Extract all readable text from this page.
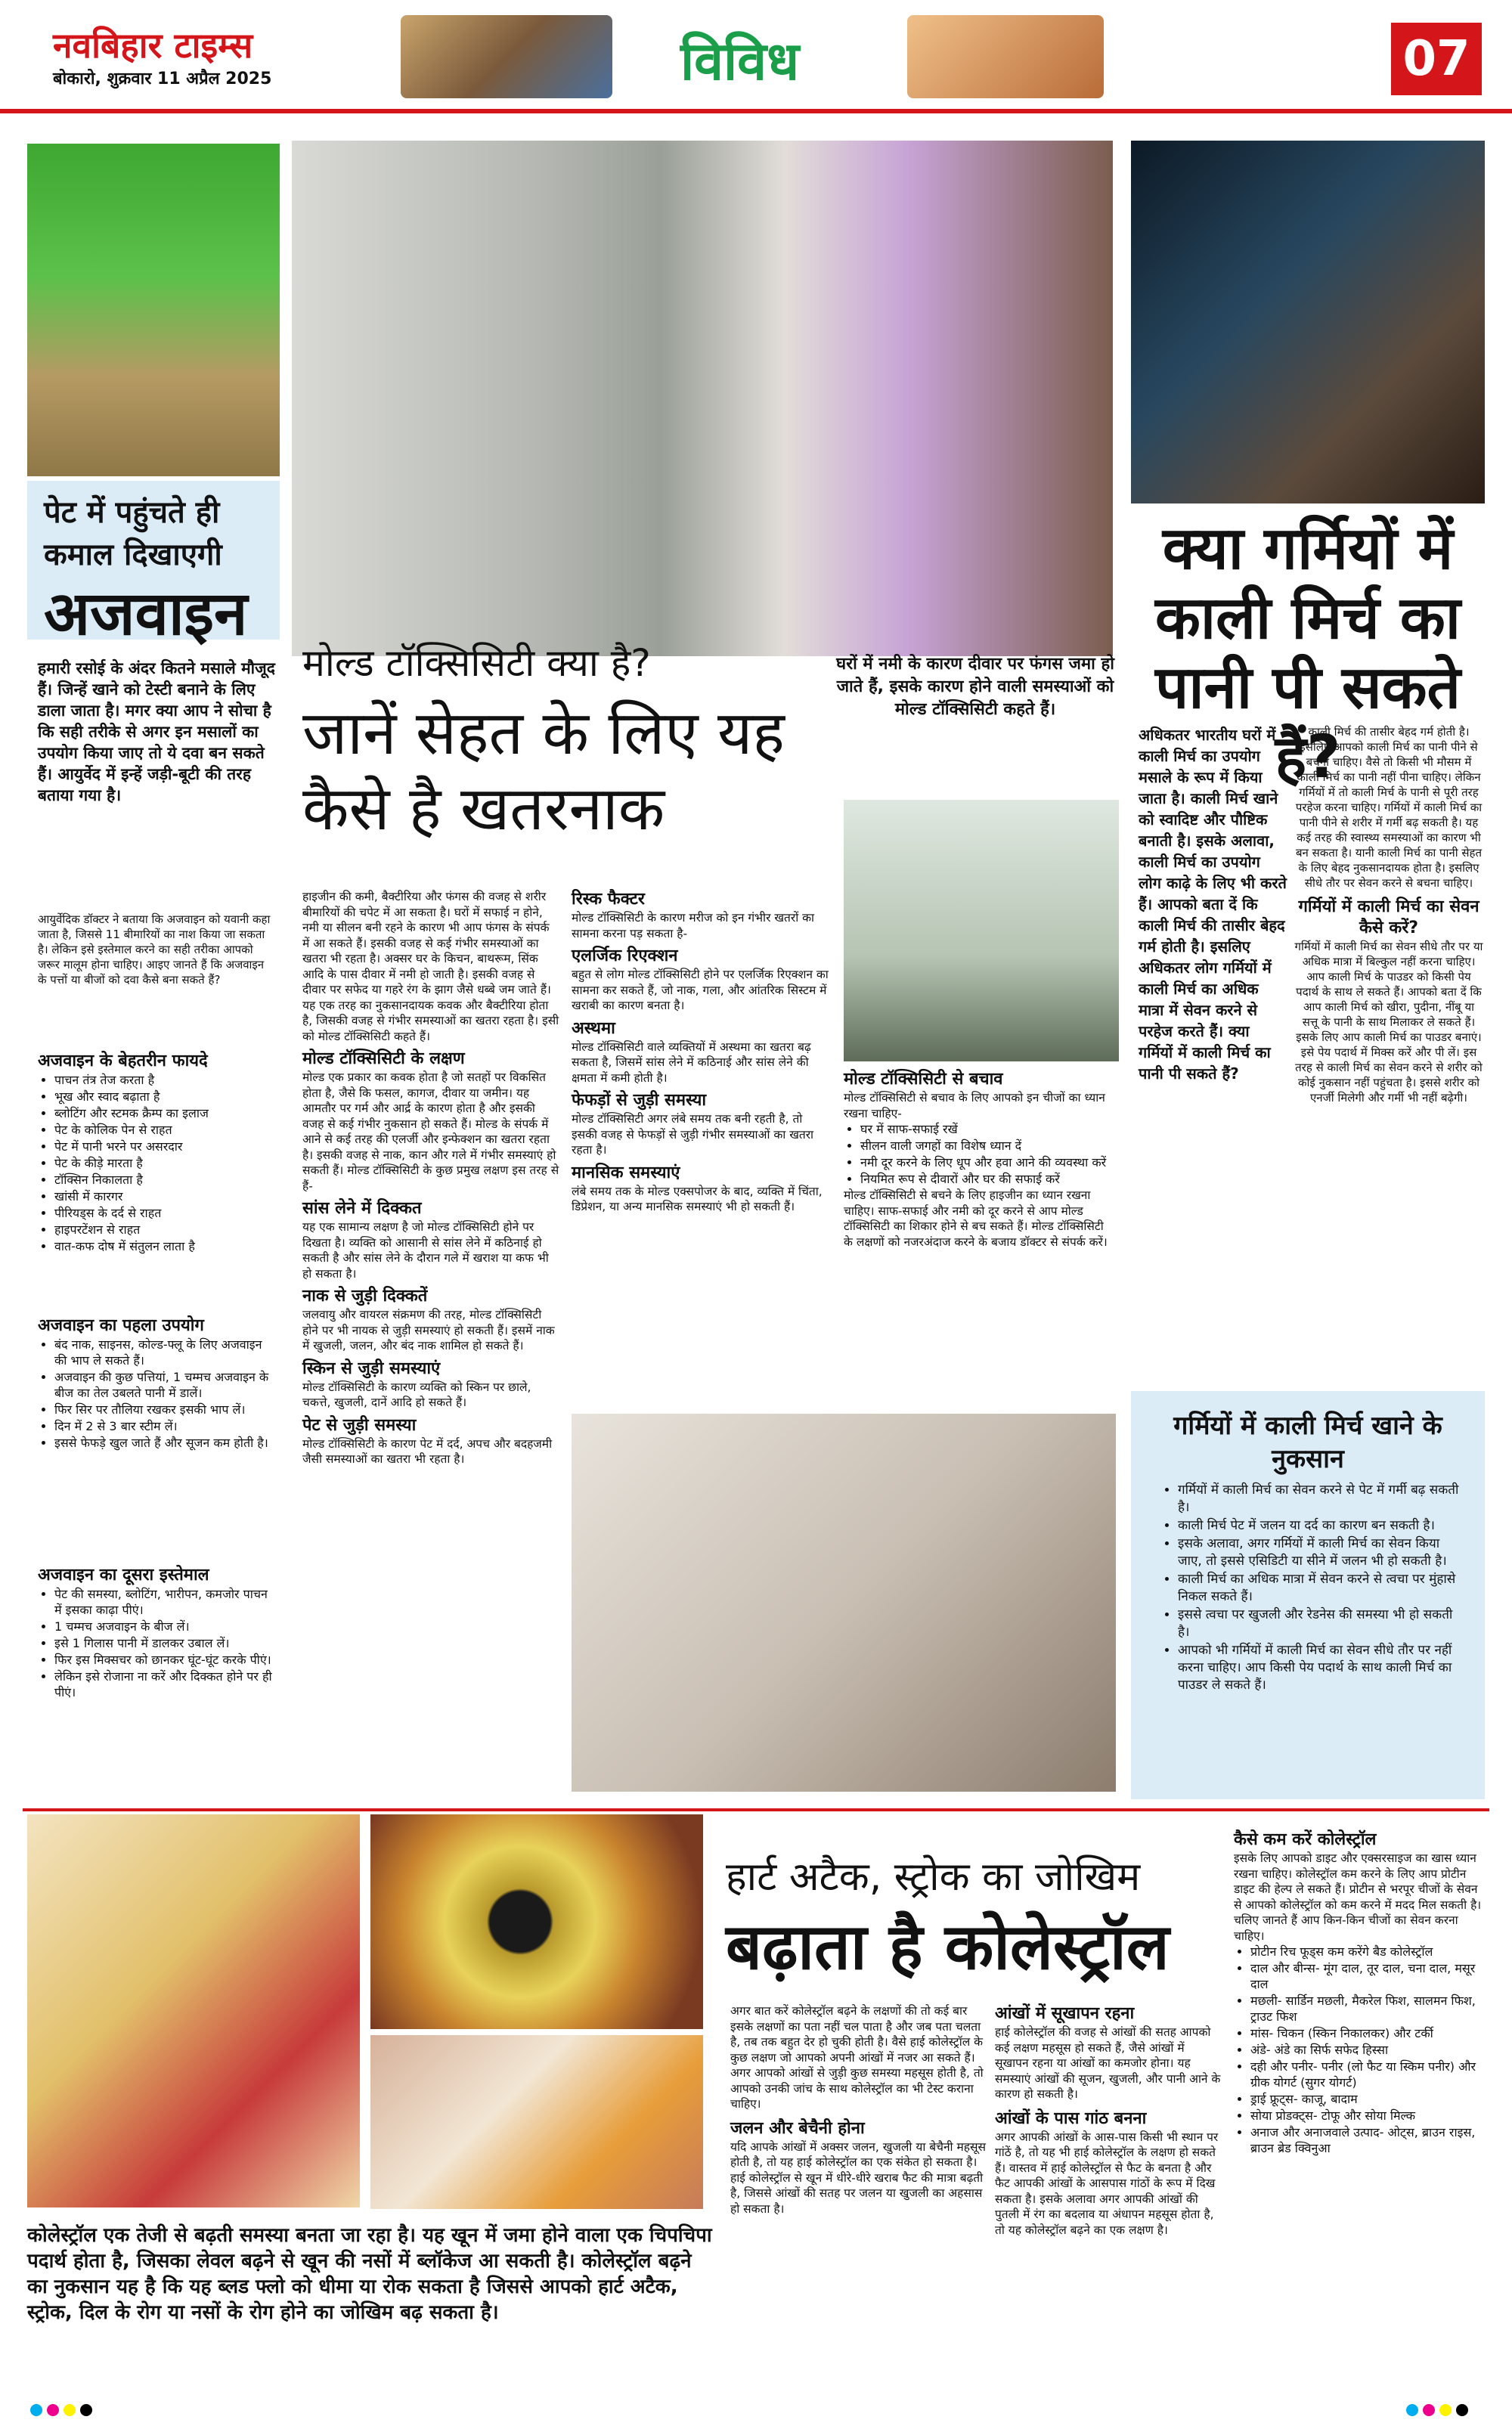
नवबिहार टाइम्स
बोकारो, शुक्रवार 11 अप्रैल 2025	विविध	07
पेट में पहुंचते ही कमाल दिखाएगी
अजवाइन
हमारी रसोई के अंदर कितने मसाले मौजूद हैं। जिन्हें खाने को टेस्टी बनाने के लिए डाला जाता है। मगर क्या आप ने सोचा है कि सही तरीके से अगर इन मसालों का उपयोग किया जाए तो ये दवा बन सकते हैं। आयुर्वेद में इन्हें जड़ी-बूटी की तरह बताया गया है।
आयुर्वेदिक डॉक्टर ने बताया कि अजवाइन को यवानी कहा जाता है, जिससे 11 बीमारियों का नाश किया जा सकता है। लेकिन इसे इस्तेमाल करने का सही तरीका आपको जरूर मालूम होना चाहिए। आइए जानते हैं कि अजवाइन के पत्तों या बीजों को दवा कैसे बना सकते हैं?
अजवाइन के बेहतरीन फायदे
• पाचन तंत्र तेज करता है
• भूख और स्वाद बढ़ाता है
• ब्लोटिंग और स्टमक क्रैम्प का इलाज
• पेट के कोलिक पेन से राहत
• पेट में पानी भरने पर असरदार
• पेट के कीड़े मारता है
• टॉक्सिन निकालता है
• खांसी में कारगर
• पीरियड्स के दर्द से राहत
• हाइपरटेंशन से राहत
• वात-कफ दोष में संतुलन लाता है
अजवाइन का पहला उपयोग
• बंद नाक, साइनस, कोल्ड-फ्लू के लिए अजवाइन की भाप ले सकते हैं।
• अजवाइन की कुछ पत्तियां, 1 चम्मच अजवाइन के बीज का तेल उबलते पानी में डालें।
• फिर सिर पर तौलिया रखकर इसकी भाप लें।
• दिन में 2 से 3 बार स्टीम लें।
• इससे फेफड़े खुल जाते हैं और सूजन कम होती है।
अजवाइन का दूसरा इस्तेमाल
• पेट की समस्या, ब्लोटिंग, भारीपन, कमजोर पाचन में इसका काढ़ा पीएं।
• 1 चम्मच अजवाइन के बीज लें।
• इसे 1 गिलास पानी में डालकर उबाल लें।
• फिर इस मिक्सचर को छानकर घूंट-घूंट करके पीएं।
• लेकिन इसे रोजाना ना करें और दिक्कत होने पर ही पीएं।
मोल्ड टॉक्सिसिटी क्या है?
जानें सेहत के लिए यह कैसे है खतरनाक
घरों में नमी के कारण दीवार पर फंगस जमा हो जाते हैं, इसके कारण होने वाली समस्याओं को मोल्ड टॉक्सिसिटी कहते हैं।
हाइजीन की कमी, बैक्टीरिया और फंगस की वजह से शरीर बीमारियों की चपेट में आ सकता है। घरों में सफाई न होने, नमी या सीलन बनी रहने के कारण भी आप फंगस के संपर्क में आ सकते हैं। इसकी वजह से कई गंभीर समस्याओं का खतरा भी रहता है। अक्सर घर के किचन, बाथरूम, सिंक आदि के पास दीवार में नमी हो जाती है। इसकी वजह से दीवार पर सफेद या गहरे रंग के झाग जैसे धब्बे जम जाते हैं। यह एक तरह का नुकसानदायक कवक और बैक्टीरिया होता है, जिसकी वजह से गंभीर समस्याओं का खतरा रहता है। इसी को मोल्ड टॉक्सिसिटी कहते हैं।
मोल्ड टॉक्सिसिटी के लक्षण
मोल्ड एक प्रकार का कवक होता है जो सतहों पर विकसित होता है, जैसे कि फसल, कागज, दीवार या जमीन। यह आमतौर पर गर्म और आर्द्र के कारण होता है और इसकी वजह से कई गंभीर नुकसान हो सकते हैं। मोल्ड के संपर्क में आने से कई तरह की एलर्जी और इन्फेक्शन का खतरा रहता है। इसकी वजह से नाक, कान और गले में गंभीर समस्याएं हो सकती हैं। मोल्ड टॉक्सिसिटी के कुछ प्रमुख लक्षण इस तरह से हैं-
सांस लेने में दिक्कत
यह एक सामान्य लक्षण है जो मोल्ड टॉक्सिसिटी होने पर दिखता है। व्यक्ति को आसानी से सांस लेने में कठिनाई हो सकती है और सांस लेने के दौरान गले में खराश या कफ भी हो सकता है।
नाक से जुड़ी दिक्कतें
जलवायु और वायरल संक्रमण की तरह, मोल्ड टॉक्सिसिटी होने पर भी नायक से जुड़ी समस्याएं हो सकती हैं। इसमें नाक में खुजली, जलन, और बंद नाक शामिल हो सकते हैं।
स्किन से जुड़ी समस्याएं
मोल्ड टॉक्सिसिटी के कारण व्यक्ति को स्किन पर छाले, चकत्ते, खुजली, दानें आदि हो सकते हैं।
पेट से जुड़ी समस्या
मोल्ड टॉक्सिसिटी के कारण पेट में दर्द, अपच और बदहजमी जैसी समस्याओं का खतरा भी रहता है।
रिस्क फैक्टर
मोल्ड टॉक्सिसिटी के कारण मरीज को इन गंभीर खतरों का सामना करना पड़ सकता है-
एलर्जिक रिएक्शन
बहुत से लोग मोल्ड टॉक्सिसिटी होने पर एलर्जिक रिएक्शन का सामना कर सकते हैं, जो नाक, गला, और आंतरिक सिस्टम में खराबी का कारण बनता है।
अस्थमा
मोल्ड टॉक्सिसिटी वाले व्यक्तियों में अस्थमा का खतरा बढ़ सकता है, जिसमें सांस लेने में कठिनाई और सांस लेने की क्षमता में कमी होती है।
फेफड़ों से जुड़ी समस्या
मोल्ड टॉक्सिसिटी अगर लंबे समय तक बनी रहती है, तो इसकी वजह से फेफड़ों से जुड़ी गंभीर समस्याओं का खतरा रहता है।
मानसिक समस्याएं
लंबे समय तक के मोल्ड एक्सपोजर के बाद, व्यक्ति में चिंता, डिप्रेशन, या अन्य मानसिक समस्याएं भी हो सकती हैं।
मोल्ड टॉक्सिसिटी से बचाव
मोल्ड टॉक्सिसिटी से बचाव के लिए आपको इन चीजों का ध्यान रखना चाहिए-
• घर में साफ-सफाई रखें
• सीलन वाली जगहों का विशेष ध्यान दें
• नमी दूर करने के लिए धूप और हवा आने की व्यवस्था करें
• नियमित रूप से दीवारों और घर की सफाई करें
मोल्ड टॉक्सिसिटी से बचने के लिए हाइजीन का ध्यान रखना चाहिए। साफ-सफाई और नमी को दूर करने से आप मोल्ड टॉक्सिसिटी का शिकार होने से बच सकते हैं। मोल्ड टॉक्सिसिटी के लक्षणों को नजरअंदाज करने के बजाय डॉक्टर से संपर्क करें।
क्या गर्मियों में काली मिर्च का पानी पी सकते हैं?
अधिकतर भारतीय घरों में काली मिर्च का उपयोग मसाले के रूप में किया जाता है। काली मिर्च खाने को स्वादिष्ट और पौष्टिक बनाती है। इसके अलावा, काली मिर्च का उपयोग लोग काढ़े के लिए भी करते हैं। आपको बता दें कि काली मिर्च की तासीर बेहद गर्म होती है। इसलिए अधिकतर लोग गर्मियों में काली मिर्च का अधिक मात्रा में सेवन करने से परहेज करते हैं। क्या गर्मियों में काली मिर्च का पानी पी सकते हैं?
काली मिर्च की तासीर बेहद गर्म होती है। इसलिए आपको काली मिर्च का पानी पीने से बचना चाहिए। वैसे तो किसी भी मौसम में काली मिर्च का पानी नहीं पीना चाहिए। लेकिन गर्मियों में तो काली मिर्च के पानी से पूरी तरह परहेज करना चाहिए। गर्मियों में काली मिर्च का पानी पीने से शरीर में गर्मी बढ़ सकती है। यह कई तरह की स्वास्थ्य समस्याओं का कारण भी बन सकता है। यानी काली मिर्च का पानी सेहत के लिए बेहद नुकसानदायक होता है। इसलिए सीधे तौर पर सेवन करने से बचना चाहिए।
गर्मियों में काली मिर्च का सेवन कैसे करें?
गर्मियों में काली मिर्च का सेवन सीधे तौर पर या अधिक मात्रा में बिल्कुल नहीं करना चाहिए। आप काली मिर्च के पाउडर को किसी पेय पदार्थ के साथ ले सकते हैं। आपको बता दें कि आप काली मिर्च को खीरा, पुदीना, नींबू या सत्तू के पानी के साथ मिलाकर ले सकते हैं। इसके लिए आप काली मिर्च का पाउडर बनाएं। इसे पेय पदार्थ में मिक्स करें और पी लें। इस तरह से काली मिर्च का सेवन करने से शरीर को कोई नुकसान नहीं पहुंचता है। इससे शरीर को एनर्जी मिलेगी और गर्मी भी नहीं बढ़ेगी।
गर्मियों में काली मिर्च खाने के नुकसान
• गर्मियों में काली मिर्च का सेवन करने से पेट में गर्मी बढ़ सकती है।
• काली मिर्च पेट में जलन या दर्द का कारण बन सकती है।
• इसके अलावा, अगर गर्मियों में काली मिर्च का सेवन किया जाए, तो इससे एसिडिटी या सीने में जलन भी हो सकती है।
• काली मिर्च का अधिक मात्रा में सेवन करने से त्वचा पर मुंहासे निकल सकते हैं।
• इससे त्वचा पर खुजली और रेडनेस की समस्या भी हो सकती है।
• आपको भी गर्मियों में काली मिर्च का सेवन सीधे तौर पर नहीं करना चाहिए। आप किसी पेय पदार्थ के साथ काली मिर्च का पाउडर ले सकते हैं।
हार्ट अटैक, स्ट्रोक का जोखिम
बढ़ाता है कोलेस्ट्रॉल
कोलेस्ट्रॉल एक तेजी से बढ़ती समस्या बनता जा रहा है। यह खून में जमा होने वाला एक चिपचिपा पदार्थ होता है, जिसका लेवल बढ़ने से खून की नसों में ब्लॉकेज आ सकती है। कोलेस्ट्रॉल बढ़ने का नुकसान यह है कि यह ब्लड फ्लो को धीमा या रोक सकता है जिससे आपको हार्ट अटैक, स्ट्रोक, दिल के रोग या नसों के रोग होने का जोखिम बढ़ सकता है।
अगर बात करें कोलेस्ट्रॉल बढ़ने के लक्षणों की तो कई बार इसके लक्षणों का पता नहीं चल पाता है और जब पता चलता है, तब तक बहुत देर हो चुकी होती है। वैसे हाई कोलेस्ट्रॉल के कुछ लक्षण जो आपको अपनी आंखों में नजर आ सकते हैं। अगर आपको आंखों से जुड़ी कुछ समस्या महसूस होती है, तो आपको उनकी जांच के साथ कोलेस्ट्रॉल का भी टेस्ट कराना चाहिए।
जलन और बेचैनी होना
यदि आपके आंखों में अक्सर जलन, खुजली या बेचैनी महसूस होती है, तो यह हाई कोलेस्ट्रॉल का एक संकेत हो सकता है। हाई कोलेस्ट्रॉल से खून में धीरे-धीरे खराब फैट की मात्रा बढ़ती है, जिससे आंखों की सतह पर जलन या खुजली का अहसास हो सकता है।
आंखों में सूखापन रहना
हाई कोलेस्ट्रॉल की वजह से आंखों की सतह आपको कई लक्षण महसूस हो सकते हैं, जैसे आंखों में सूखापन रहना या आंखों का कमजोर होना। यह समस्याएं आंखों की सूजन, खुजली, और पानी आने के कारण हो सकती है।
आंखों के पास गांठ बनना
अगर आपकी आंखों के आस-पास किसी भी स्थान पर गांठें है, तो यह भी हाई कोलेस्ट्रॉल के लक्षण हो सकते हैं। वास्तव में हाई कोलेस्ट्रॉल से फैट के बनता है और फैट आपकी आंखों के आसपास गांठों के रूप में दिख सकता है। इसके अलावा अगर आपकी आंखों की पुतली में रंग का बदलाव या अंधापन महसूस होता है, तो यह कोलेस्ट्रॉल बढ़ने का एक लक्षण है।
कैसे कम करें कोलेस्ट्रॉल
इसके लिए आपको डाइट और एक्सरसाइज का खास ध्यान रखना चाहिए। कोलेस्ट्रॉल कम करने के लिए आप प्रोटीन डाइट की हेल्प ले सकते हैं। प्रोटीन से भरपूर चीजों के सेवन से आपको कोलेस्ट्रॉल को कम करने में मदद मिल सकती है। चलिए जानते हैं आप किन-किन चीजों का सेवन करना चाहिए।
• प्रोटीन रिच फूड्स कम करेंगे बैड कोलेस्ट्रॉल
• दाल और बीन्स- मूंग दाल, तूर दाल, चना दाल, मसूर दाल
• मछली- सार्डिन मछली, मैकरेल फिश, सालमन फिश, ट्राउट फिश
• मांस- चिकन (स्किन निकालकर) और टर्की
• अंडे- अंडे का सिर्फ सफेद हिस्सा
• दही और पनीर- पनीर (लो फैट या स्किम पनीर) और ग्रीक योगर्ट (सुगर योगर्ट)
• ड्राई फ्रूट्स- काजू, बादाम
• सोया प्रोडक्ट्स- टोफू और सोया मिल्क
• अनाज और अनाजवाले उत्पाद- ओट्स, ब्राउन राइस, ब्राउन ब्रेड क्विनुआ
